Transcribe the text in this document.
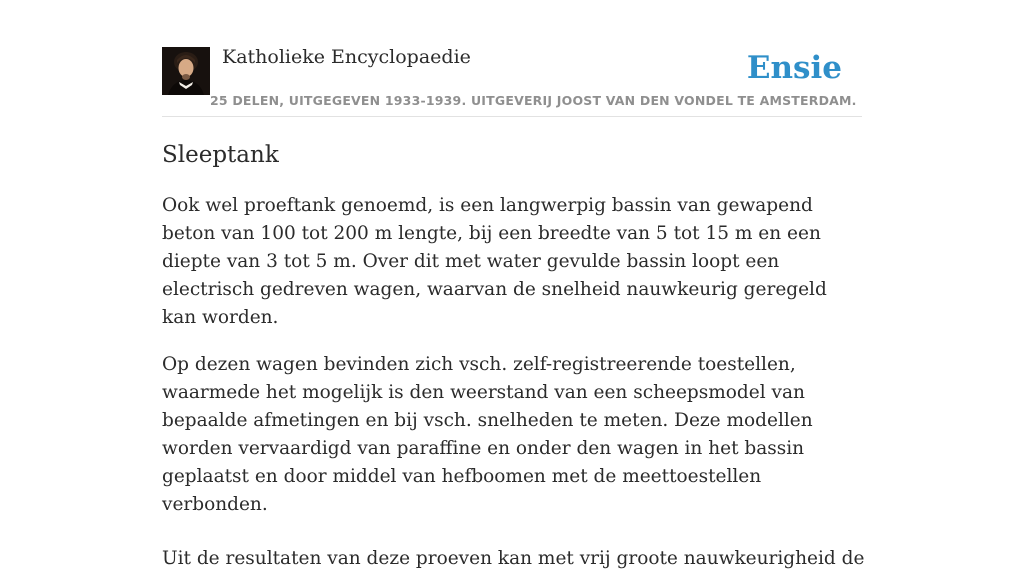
Katholieke Encyclopaedie
25 DELEN, UITGEGEVEN 1933-1939. UITGEVERIJ JOOST VAN DEN VONDEL TE AMSTERDAM.
Ensie
Sleeptank

Ook wel proeftank genoemd, is een langwerpig bassin van gewapend beton van 100 tot 200 m lengte, bij een breedte van 5 tot 15 m en een diepte van 3 tot 5 m. Over dit met water gevulde bassin loopt een electrisch gedreven wagen, waarvan de snelheid nauwkeurig geregeld kan worden.

Op dezen wagen bevinden zich vsch. zelf-registreerende toestellen, waarmede het mogelijk is den weerstand van een scheepsmodel van bepaalde afmetingen en bij vsch. snelheden te meten. Deze modellen worden vervaardigd van paraffine en onder den wagen in het bassin geplaatst en door middel van hefboomen met de meettoestellen verbonden.

Uit de resultaten van deze proeven kan met vrij groote nauwkeurigheid de
